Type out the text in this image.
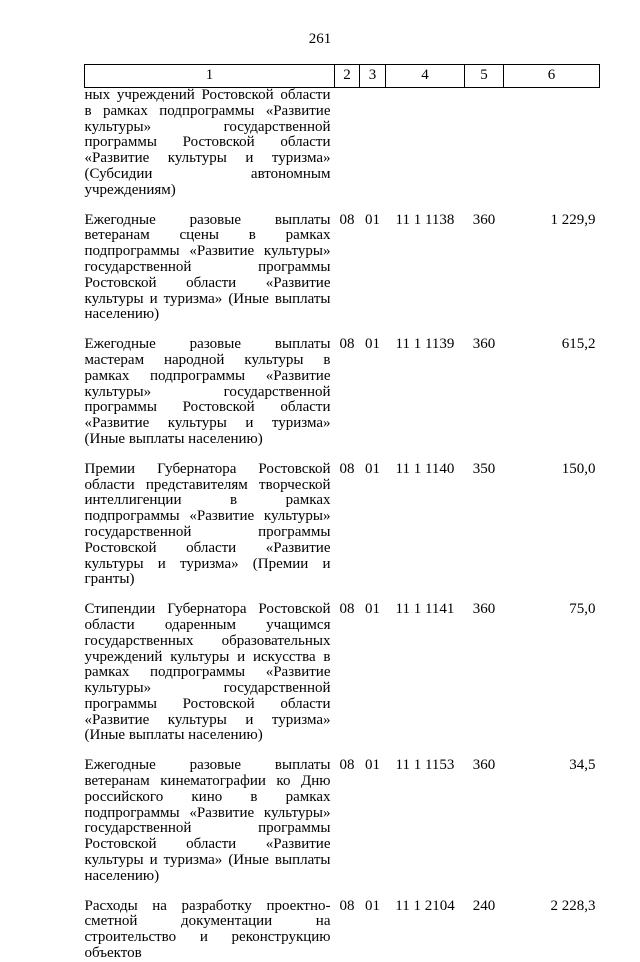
261
1	2	3	4	5	6
ных учреждений Ростовской области в рамках подпрограммы «Развитие культуры» государственной программы Ростовской области «Развитие культуры и туризма» (Субсидии автономным учреждениям)					

Ежегодные разовые выплаты ветеранам сцены в рамках подпрограммы «Развитие культуры» государственной программы Ростовской области «Развитие культуры и туризма» (Иные выплаты населению)	08	01	11 1 1138	360	1 229,9

Ежегодные разовые выплаты мастерам народной культуры в рамках подпрограммы «Развитие культуры» государственной программы Ростовской области «Развитие культуры и туризма» (Иные выплаты населению)	08	01	11 1 1139	360	615,2

Премии Губернатора Ростовской области представителям творческой интеллигенции в рамках подпрограммы «Развитие культуры» государственной программы Ростовской области «Развитие культуры и туризма» (Премии и гранты)	08	01	11 1 1140	350	150,0

Стипендии Губернатора Ростовской области одаренным учащимся государственных образовательных учреждений культуры и искусства в рамках подпрограммы «Развитие культуры» государственной программы Ростовской области «Развитие культуры и туризма» (Иные выплаты населению)	08	01	11 1 1141	360	75,0

Ежегодные разовые выплаты ветеранам кинематографии ко Дню российского кино в рамках подпрограммы «Развитие культуры» государственной программы Ростовской области «Развитие культуры и туризма» (Иные выплаты населению)	08	01	11 1 1153	360	34,5

Расходы на разработку проектно-сметной документации на строительство и реконструкцию объектов	08	01	11 1 2104	240	2 228,3
